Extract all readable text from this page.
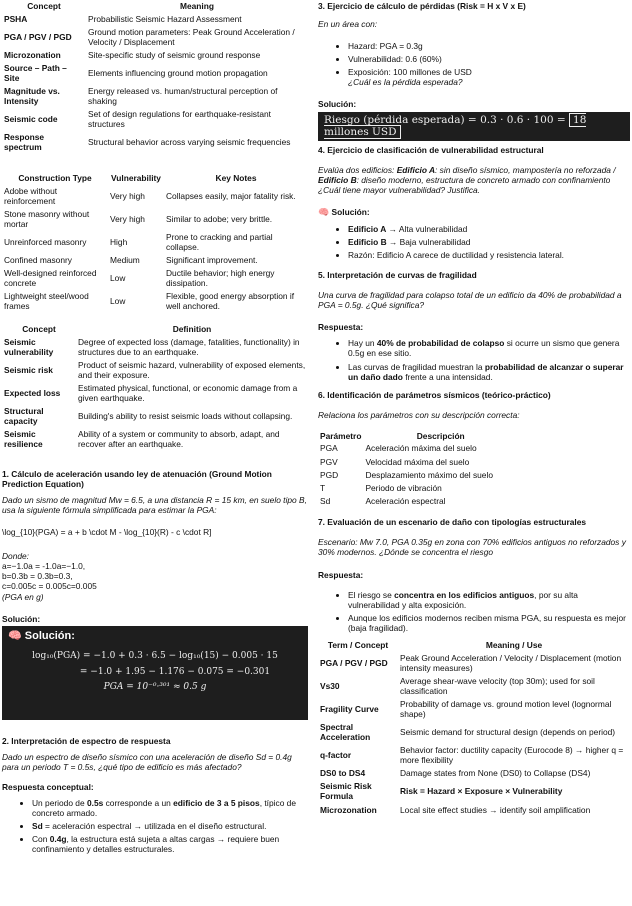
Concept	Meaning
PSHA	Probabilistic Seismic Hazard Assessment
PGA / PGV / PGD	Ground motion parameters: Peak Ground Acceleration / Velocity / Displacement
Microzonation	Site-specific study of seismic ground response
Source – Path – Site	Elements influencing ground motion propagation
Magnitude vs. Intensity	Energy released vs. human/structural perception of shaking
Seismic code	Set of design regulations for earthquake-resistant structures
Response spectrum	Structural behavior across varying seismic frequencies
Construction Type	Vulnerability	Key Notes
Adobe without reinforcement	Very high	Collapses easily, major fatality risk.
Stone masonry without mortar	Very high	Similar to adobe; very brittle.
Unreinforced masonry	High	Prone to cracking and partial collapse.
Confined masonry	Medium	Significant improvement.
Well-designed reinforced concrete	Low	Ductile behavior; high energy dissipation.
Lightweight steel/wood frames	Low	Flexible, good energy absorption if well anchored.
Concept	Definition
Seismic vulnerability	Degree of expected loss (damage, fatalities, functionality) in structures due to an earthquake.
Seismic risk	Product of seismic hazard, vulnerability of exposed elements, and their exposure.
Expected loss	Estimated physical, functional, or economic damage from a given earthquake.
Structural capacity	Building's ability to resist seismic loads without collapsing.
Seismic resilience	Ability of a system or community to absorb, adapt, and recover after an earthquake.
1. Cálculo de aceleración usando ley de atenuación (Ground Motion Prediction Equation)
Dado un sismo de magnitud Mw = 6.5, a una distancia R = 15 km, en suelo tipo B, usa la siguiente fórmula simplificada para estimar la PGA:
\log_{10}(PGA) = a + b \cdot M - \log_{10}(R) - c \cdot R]
Donde:
a=−1.0a = -1.0a=−1.0,
b=0.3b = 0.3b=0.3,
c=0.005c = 0.005c=0.005
(PGA en g)
Solución:
🧠 Solución:
log₁₀(PGA) = −1.0 + 0.3 · 6.5 − log₁₀(15) − 0.005 · 15
= −1.0 + 1.95 − 1.176 − 0.075 = −0.301
PGA = 10⁻⁰·³⁰¹ ≈ 0.5 g
2. Interpretación de espectro de respuesta
Dado un espectro de diseño sísmico con una aceleración de diseño Sd = 0.4g para un periodo T = 0.5s, ¿qué tipo de edificio es más afectado?
Respuesta conceptual:
• Un periodo de 0.5s corresponde a un edificio de 3 a 5 pisos, típico de concreto armado.
• Sd = aceleración espectral → utilizada en el diseño estructural.
• Con 0.4g, la estructura está sujeta a altas cargas → requiere buen confinamiento y detalles estructurales.
3. Ejercicio de cálculo de pérdidas (Risk = H x V x E)
En un área con:
• Hazard: PGA = 0.3g
• Vulnerabilidad: 0.6 (60%)
• Exposición: 100 millones de USD
¿Cuál es la pérdida esperada?
Solución:
Riesgo (pérdida esperada) = 0.3 · 0.6 · 100 = 18 millones USD
4. Ejercicio de clasificación de vulnerabilidad estructural
Evalúa dos edificios: Edificio A: sin diseño sísmico, mampostería no reforzada / Edificio B: diseño moderno, estructura de concreto armado con confinamiento
¿Cuál tiene mayor vulnerabilidad? Justifica.
🧠 Solución:
• Edificio A → Alta vulnerabilidad
• Edificio B → Baja vulnerabilidad
• Razón: Edificio A carece de ductilidad y resistencia lateral.
5. Interpretación de curvas de fragilidad
Una curva de fragilidad para colapso total de un edificio da 40% de probabilidad a PGA = 0.5g. ¿Qué significa?
Respuesta:
• Hay un 40% de probabilidad de colapso si ocurre un sismo que genera 0.5g en ese sitio.
• Las curvas de fragilidad muestran la probabilidad de alcanzar o superar un daño dado frente a una intensidad.
6. Identificación de parámetros sísmicos (teórico-práctico)
Relaciona los parámetros con su descripción correcta:
Parámetro	Descripción
PGA	Aceleración máxima del suelo
PGV	Velocidad máxima del suelo
PGD	Desplazamiento máximo del suelo
T	Periodo de vibración
Sd	Aceleración espectral
7. Evaluación de un escenario de daño con tipologías estructurales
Escenario: Mw 7.0, PGA 0.35g en zona con 70% edificios antiguos no reforzados y 30% modernos. ¿Dónde se concentra el riesgo
Respuesta:
• El riesgo se concentra en los edificios antiguos, por su alta vulnerabilidad y alta exposición.
• Aunque los edificios modernos reciben misma PGA, su respuesta es mejor (baja fragilidad).
Term / Concept	Meaning / Use
PGA / PGV / PGD	Peak Ground Acceleration / Velocity / Displacement (motion intensity measures)
Vs30	Average shear-wave velocity (top 30m); used for soil classification
Fragility Curve	Probability of damage vs. ground motion level (lognormal shape)
Spectral Acceleration	Seismic demand for structural design (depends on period)
q-factor	Behavior factor: ductility capacity (Eurocode 8) → higher q = more flexibility
DS0 to DS4	Damage states from None (DS0) to Collapse (DS4)
Seismic Risk Formula	Risk = Hazard × Exposure × Vulnerability
Microzonation	Local site effect studies → identify soil amplification
